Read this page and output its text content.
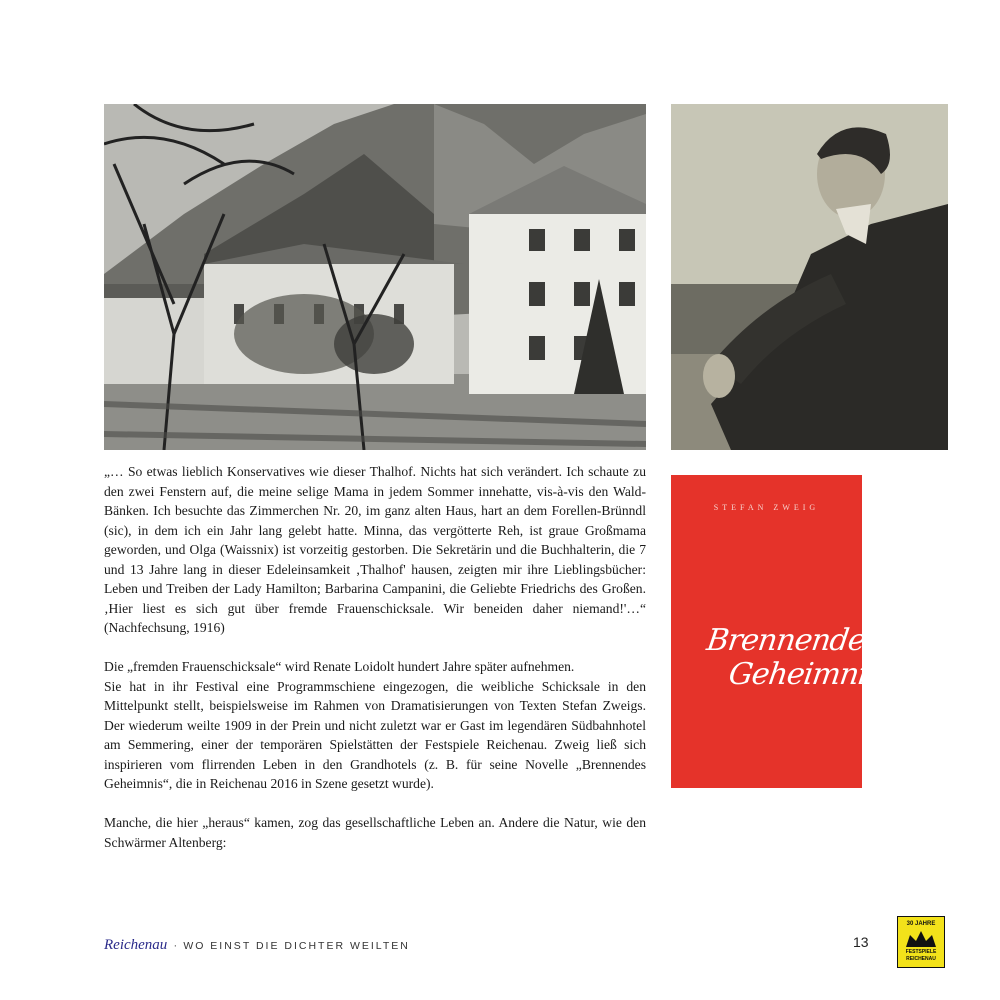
STEFAN ZWEIG
Brennendes
Geheimnis

„… So etwas lieblich Konservatives wie dieser Thalhof. Nichts hat sich verändert. Ich schaute zu den zwei Fenstern auf, die meine selige Mama in jedem Sommer innehatte, vis-à-vis den Wald-Bänken. Ich besuchte das Zimmerchen Nr. 20, im ganz alten Haus, hart an dem Forellen-Brünndl (sic), in dem ich ein Jahr lang gelebt hatte. Minna, das vergötterte Reh, ist graue Großmama geworden, und Olga (Waissnix) ist vorzeitig gestorben. Die Sekretärin und die Buchhalterin, die 7 und 13 Jahre lang in dieser Edeleinsamkeit ‚Thalhof' hausen, zeigten mir ihre Lieblingsbücher: Leben und Treiben der Lady Hamilton; Barbarina Campanini, die Geliebte Friedrichs des Großen. ‚Hier liest es sich gut über fremde Frauenschicksale. Wir beneiden daher niemand!'…“ (Nachfechsung, 1916)

Die „fremden Frauenschicksale“ wird Renate Loidolt hundert Jahre später aufnehmen.

Sie hat in ihr Festival eine Programmschiene eingezogen, die weibliche Schicksale in den Mittelpunkt stellt, beispielsweise im Rahmen von Dramatisierungen von Texten Stefan Zweigs. Der wiederum weilte 1909 in der Prein und nicht zuletzt war er Gast im legendären Südbahnhotel am Semmering, einer der temporären Spielstätten der Festspiele Reichenau. Zweig ließ sich inspirieren vom flirrenden Leben in den Grandhotels (z. B. für seine Novelle „Brennendes Geheimnis“, die in Reichenau 2016 in Szene gesetzt wurde).

Manche, die hier „heraus“ kamen, zog das gesellschaftliche Leben an. Andere die Natur, wie den Schwärmer Altenberg:

Reichenau · WO EINST DIE DICHTER WEILTEN	13
30 JAHRE
FESTSPIELE
REICHENAU
